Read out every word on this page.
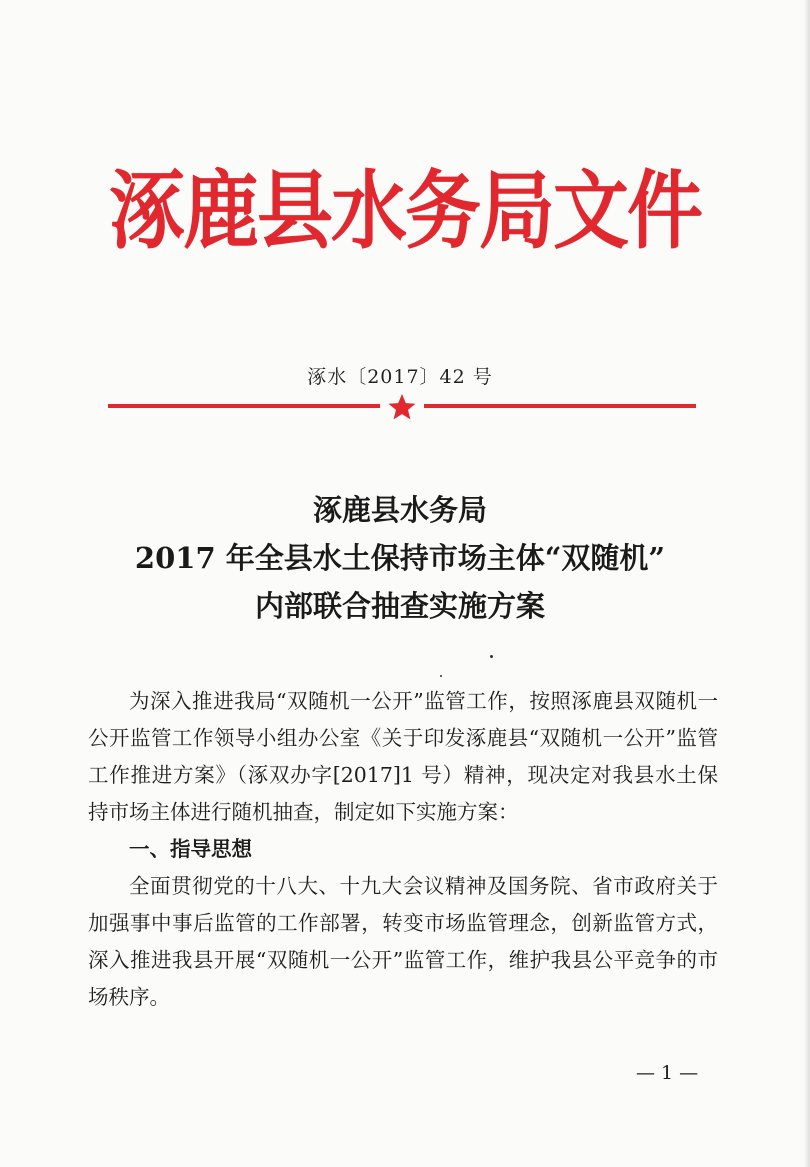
涿鹿县水务局文件
涿水〔2017〕42 号
涿鹿县水务局
2017 年全县水土保持市场主体“双随机”
内部联合抽查实施方案

为深入推进我局“双随机一公开”监管工作，按照涿鹿县双随机一公开监管工作领导小组办公室《关于印发涿鹿县“双随机一公开”监管工作推进方案》（涿双办字[2017]1 号）精神，现决定对我县水土保持市场主体进行随机抽查，制定如下实施方案：

一、指导思想

全面贯彻党的十八大、十九大会议精神及国务院、省市政府关于加强事中事后监管的工作部署，转变市场监管理念，创新监管方式，深入推进我县开展“双随机一公开”监管工作，维护我县公平竞争的市场秩序。

— 1 —
